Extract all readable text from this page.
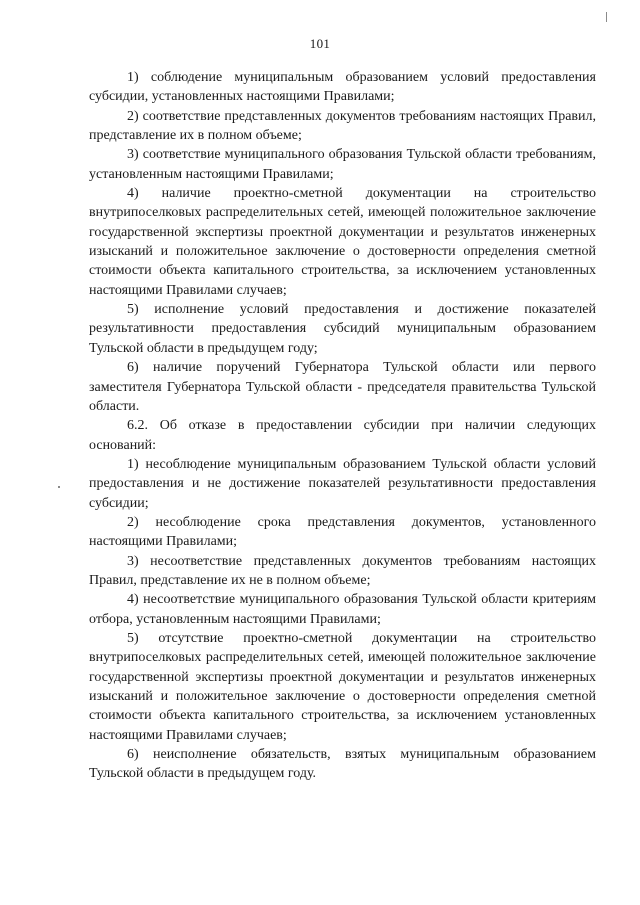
101

1) соблюдение муниципальным образованием условий предоставления субсидии, установленных настоящими Правилами;

2) соответствие представленных документов требованиям настоящих Правил, представление их в полном объеме;

3) соответствие муниципального образования Тульской области требованиям, установленным настоящими Правилами;

4) наличие проектно-сметной документации на строительство внутрипоселковых распределительных сетей, имеющей положительное заключение государственной экспертизы проектной документации и результатов инженерных изысканий и положительное заключение о достоверности определения сметной стоимости объекта капитального строительства, за исключением установленных настоящими Правилами случаев;

5) исполнение условий предоставления и достижение показателей результативности предоставления субсидий муниципальным образованием Тульской области в предыдущем году;

6) наличие поручений Губернатора Тульской области или первого заместителя Губернатора Тульской области - председателя правительства Тульской области.

6.2. Об отказе в предоставлении субсидии при наличии следующих оснований:

1) несоблюдение муниципальным образованием Тульской области условий предоставления и не достижение показателей результативности предоставления субсидии;

2) несоблюдение срока представления документов, установленного настоящими Правилами;

3) несоответствие представленных документов требованиям настоящих Правил, представление их не в полном объеме;

4) несоответствие муниципального образования Тульской области критериям отбора, установленным настоящими Правилами;

5) отсутствие проектно-сметной документации на строительство внутрипоселковых распределительных сетей, имеющей положительное заключение государственной экспертизы проектной документации и результатов инженерных изысканий и положительное заключение о достоверности определения сметной стоимости объекта капитального строительства, за исключением установленных настоящими Правилами случаев;

6) неисполнение обязательств, взятых муниципальным образованием Тульской области в предыдущем году.
